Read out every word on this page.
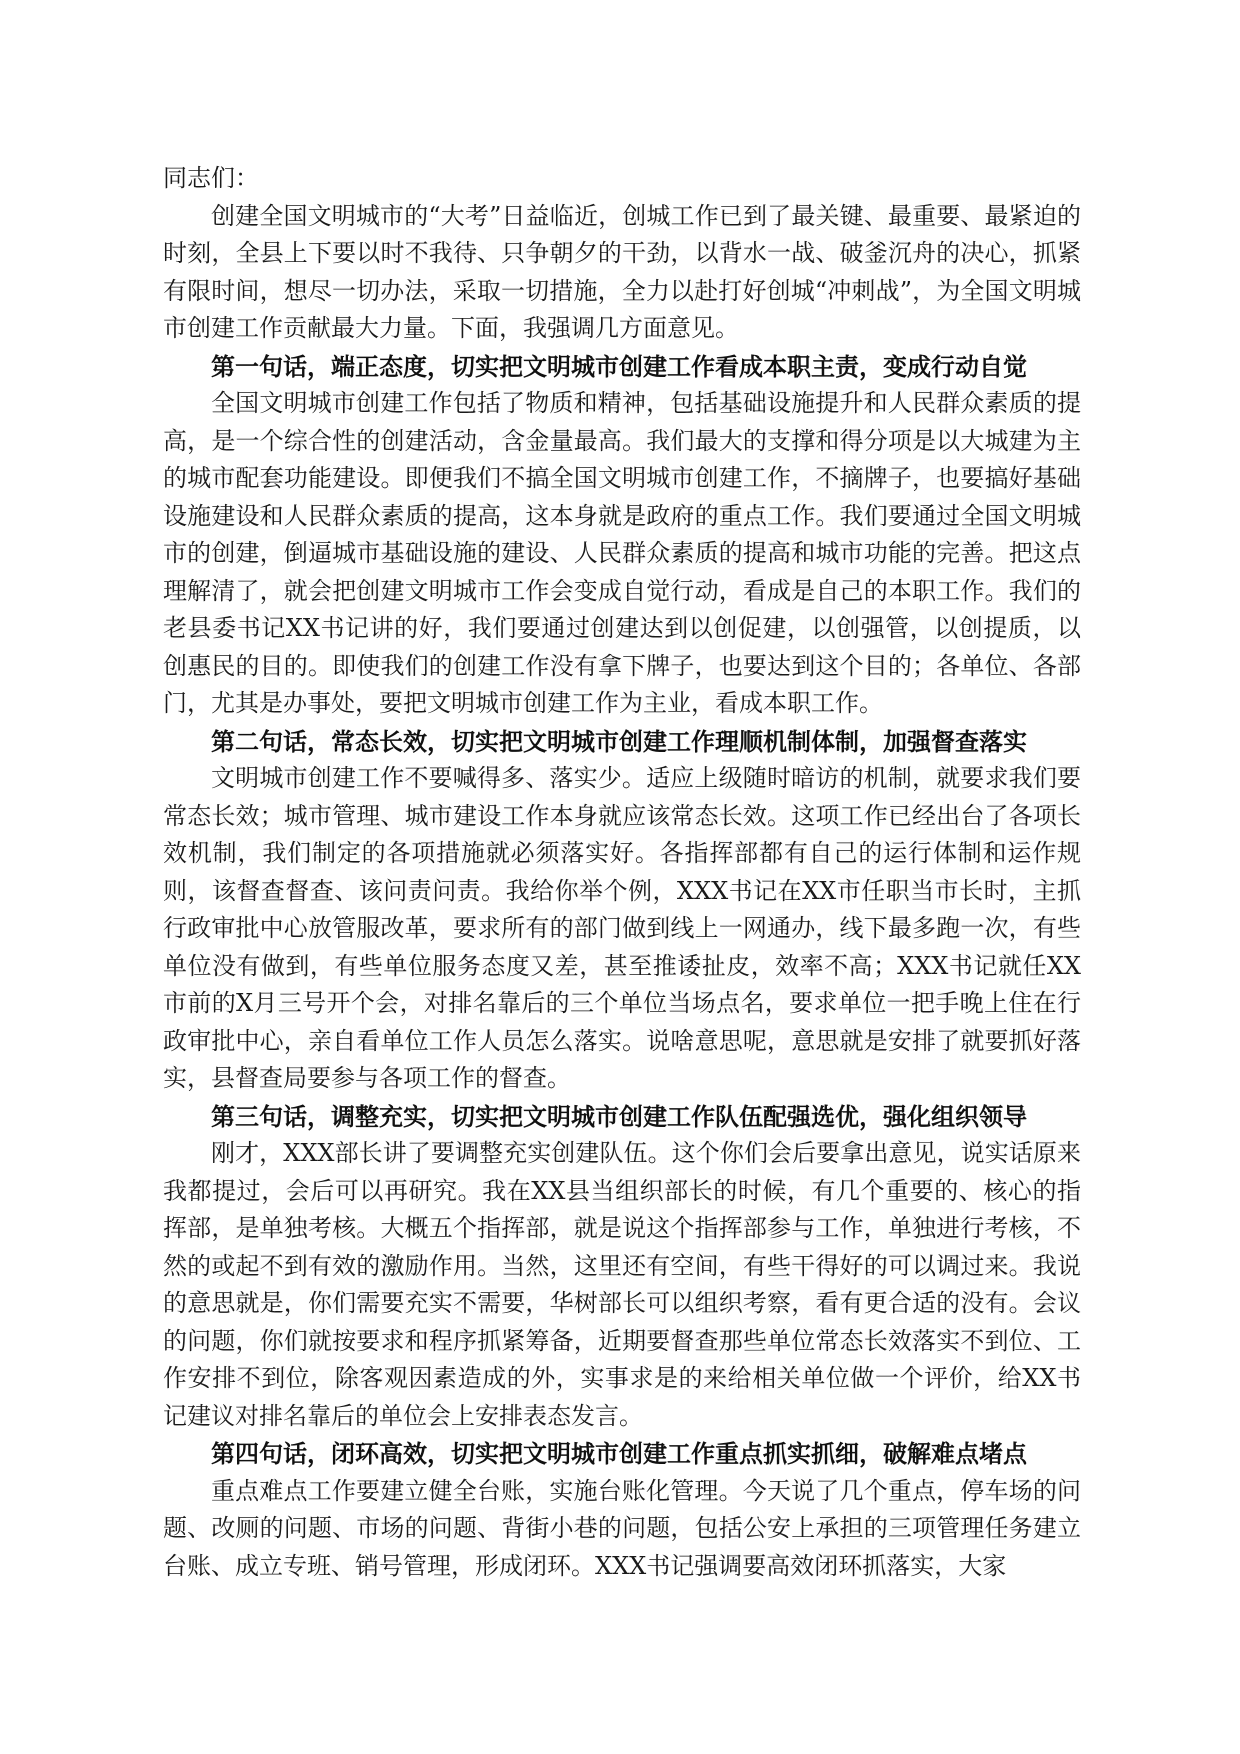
同志们：

创建全国文明城市的“大考”日益临近，创城工作已到了最关键、最重要、最紧迫的时刻，全县上下要以时不我待、只争朝夕的干劲，以背水一战、破釜沉舟的决心，抓紧有限时间，想尽一切办法，采取一切措施，全力以赴打好创城“冲刺战”，为全国文明城市创建工作贡献最大力量。下面，我强调几方面意见。

第一句话，端正态度，切实把文明城市创建工作看成本职主责，变成行动自觉

全国文明城市创建工作包括了物质和精神，包括基础设施提升和人民群众素质的提高，是一个综合性的创建活动，含金量最高。我们最大的支撑和得分项是以大城建为主的城市配套功能建设。即便我们不搞全国文明城市创建工作，不摘牌子，也要搞好基础设施建设和人民群众素质的提高，这本身就是政府的重点工作。我们要通过全国文明城市的创建，倒逼城市基础设施的建设、人民群众素质的提高和城市功能的完善。把这点理解清了，就会把创建文明城市工作会变成自觉行动，看成是自己的本职工作。我们的老县委书记XX书记讲的好，我们要通过创建达到以创促建，以创强管，以创提质，以创惠民的目的。即使我们的创建工作没有拿下牌子，也要达到这个目的；各单位、各部门，尤其是办事处，要把文明城市创建工作为主业，看成本职工作。

第二句话，常态长效，切实把文明城市创建工作理顺机制体制，加强督查落实

文明城市创建工作不要喊得多、落实少。适应上级随时暗访的机制，就要求我们要常态长效；城市管理、城市建设工作本身就应该常态长效。这项工作已经出台了各项长效机制，我们制定的各项措施就必须落实好。各指挥部都有自己的运行体制和运作规则，该督查督查、该问责问责。我给你举个例，XXX书记在XX市任职当市长时，主抓行政审批中心放管服改革，要求所有的部门做到线上一网通办，线下最多跑一次，有些单位没有做到，有些单位服务态度又差，甚至推诿扯皮，效率不高；XXX书记就任XX市前的X月三号开个会，对排名靠后的三个单位当场点名，要求单位一把手晚上住在行政审批中心，亲自看单位工作人员怎么落实。说啥意思呢，意思就是安排了就要抓好落实，县督查局要参与各项工作的督查。

第三句话，调整充实，切实把文明城市创建工作队伍配强选优，强化组织领导

刚才，XXX部长讲了要调整充实创建队伍。这个你们会后要拿出意见，说实话原来我都提过，会后可以再研究。我在XX县当组织部长的时候，有几个重要的、核心的指挥部，是单独考核。大概五个指挥部，就是说这个指挥部参与工作，单独进行考核，不然的或起不到有效的激励作用。当然，这里还有空间，有些干得好的可以调过来。我说的意思就是，你们需要充实不需要，华树部长可以组织考察，看有更合适的没有。会议的问题，你们就按要求和程序抓紧筹备，近期要督查那些单位常态长效落实不到位、工作安排不到位，除客观因素造成的外，实事求是的来给相关单位做一个评价，给XX书记建议对排名靠后的单位会上安排表态发言。

第四句话，闭环高效，切实把文明城市创建工作重点抓实抓细，破解难点堵点

重点难点工作要建立健全台账，实施台账化管理。今天说了几个重点，停车场的问题、改厕的问题、市场的问题、背街小巷的问题，包括公安上承担的三项管理任务建立台账、成立专班、销号管理，形成闭环。XXX书记强调要高效闭环抓落实，大家
